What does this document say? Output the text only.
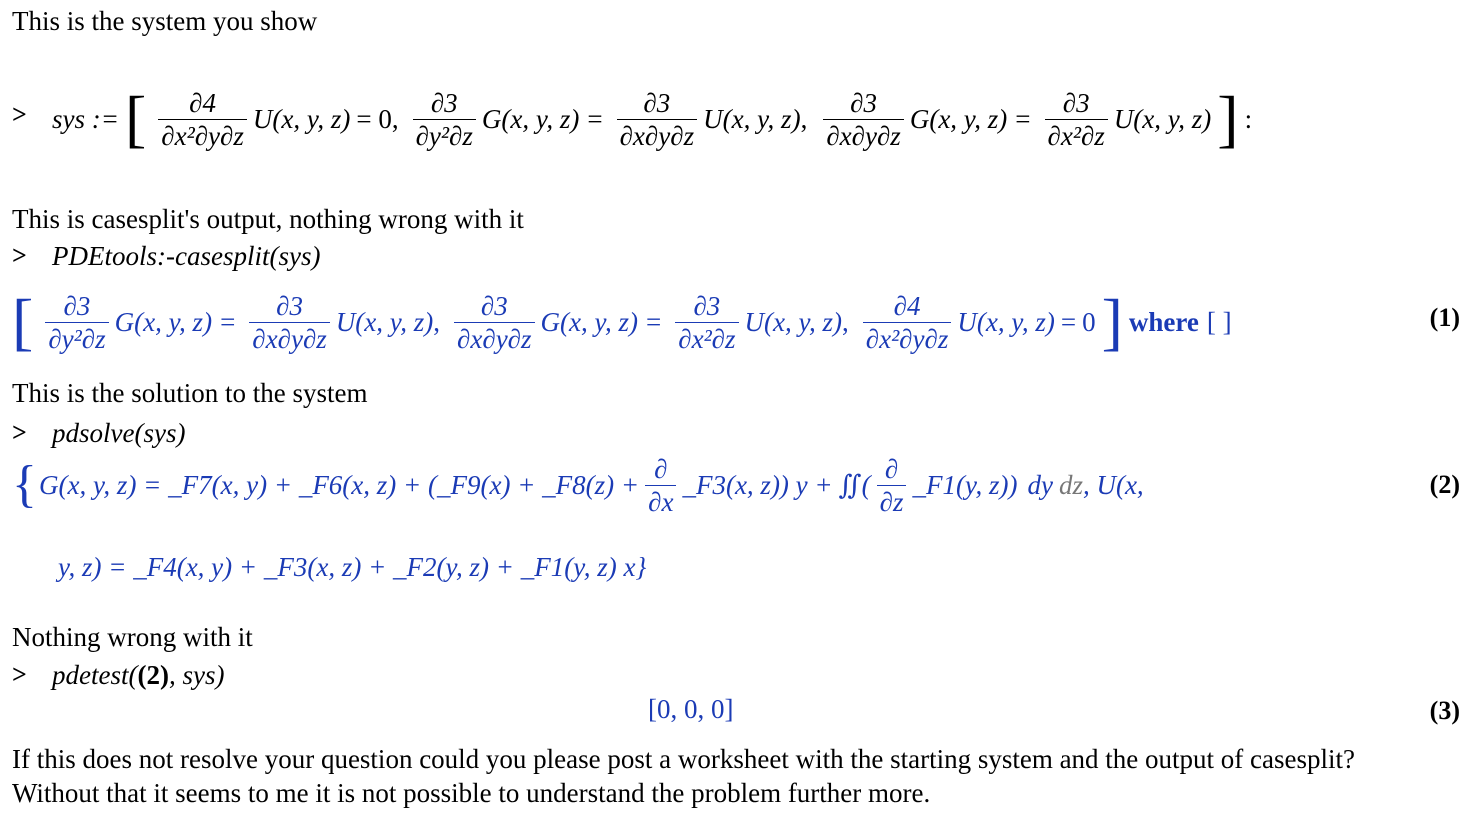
This is the system you show
> sys := [ $\frac{\partial 4}{\text{∂x²∂y∂z}} U(x$, y, z) = 0, $\frac{\partial 3}{\text{∂y²∂z}} G(x$, y, $z) = \frac{\partial 3}{\partial x\partial y\partial z} U(x$, y, z) , $\frac{\partial 3}{\partial x\partial y\partial z} G(x$, y, $z) = \frac{\partial 3}{\text{∂x²∂z}} U(x$, y, z) ] :
This is casesplit's output, nothing wrong with it
> PDEtools:-casesplit(sys)
[ $\frac{\partial 3}{\text{∂y²∂z}} G(x$, y, $z) = \frac{\partial 3}{\partial x\partial y\partial z} U(x$, y, z) , $\frac{\partial 3}{\partial x\partial y\partial z} G(x$, y, $z) = \frac{\partial 3}{\text{∂x²∂z}} U(x$, y, z) , $\frac{\partial 4}{\text{∂x²∂y∂z}} U(x$, y, z) = 0 ] where [ ]	(1)
This is the solution to the system
> pdsolve(sys)
{ G(x, y, z) = _F7(x, y) + _F6(x, z) + (_F9(x) + _F8(z) + $\frac{\partial}{\partial x}$ _F3(x, z)) y + ∬( $\frac{\partial}{\partial z}$ _F1(y, z)) dy dz , U(x,	(2)
y, z) = _F4(x, y) + _F3(x, z) + _F2(y, z) + _F1(y, z) x}
Nothing wrong with it
> pdetest((2), sys)
[0, 0, 0]	(3)
If this does not resolve your question could you please post a worksheet with the starting system and the output of casesplit? Without that it seems to me it is not possible to understand the problem further more.
